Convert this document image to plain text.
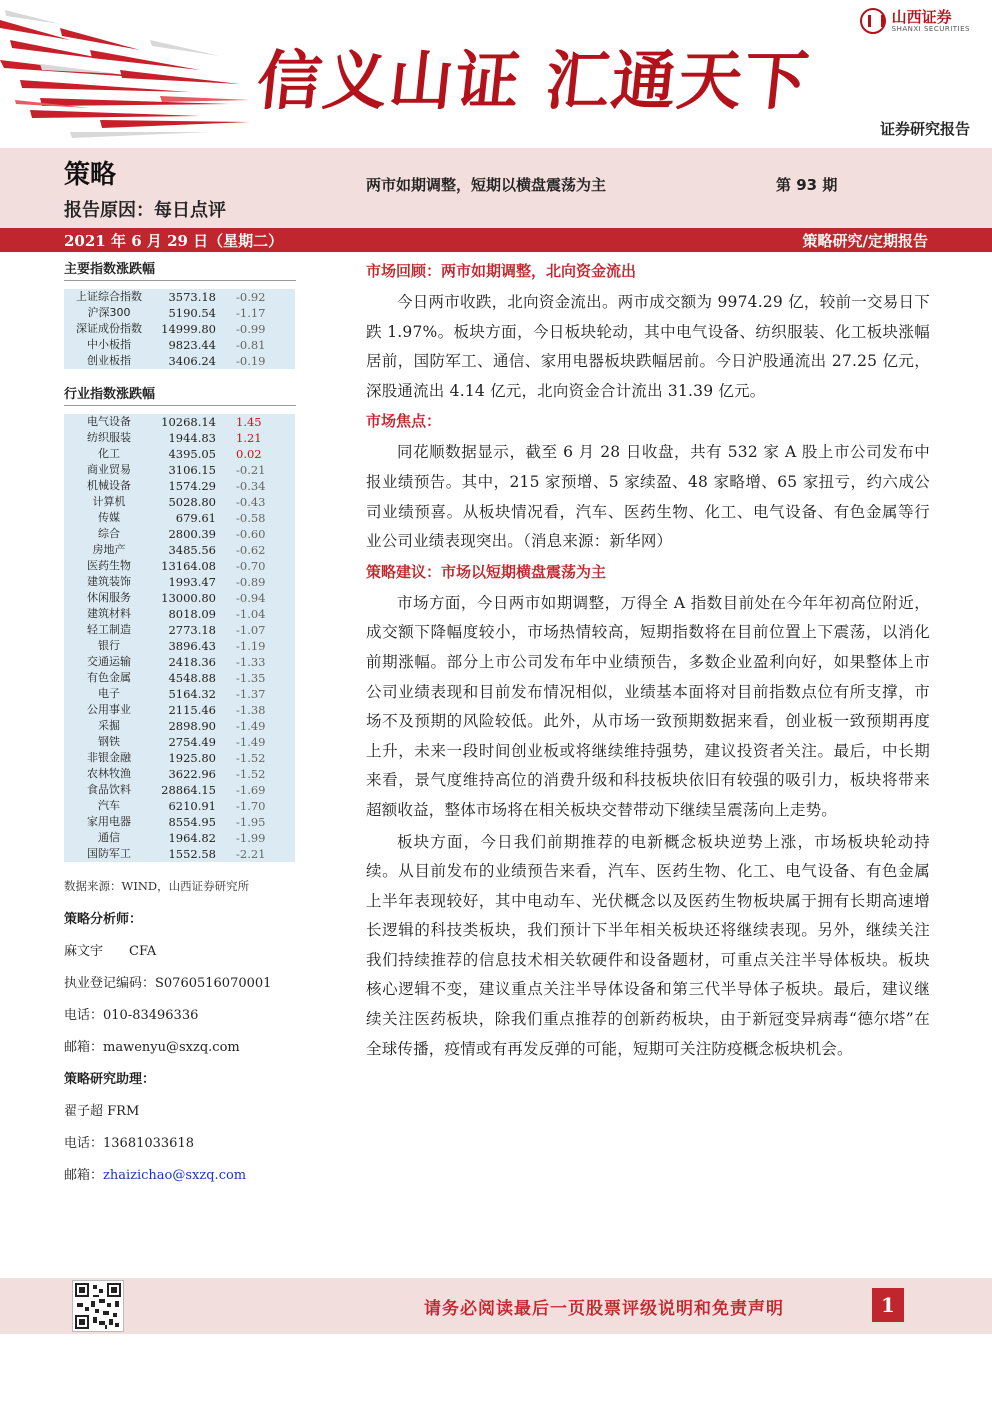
信义山证 汇通天下
山西证券
SHANXI SECURITIES
证券研究报告
策略	两市如期调整，短期以横盘震荡为主	第 93 期
报告原因：每日点评
2021 年 6 月 29 日（星期二）	策略研究/定期报告
主要指数涨跌幅
上证综合指数	3573.18	-0.92
沪深300	5190.54	-1.17
深证成份指数	14999.80	-0.99
中小板指	9823.44	-0.81
创业板指	3406.24	-0.19
行业指数涨跌幅
电气设备	10268.14	1.45
纺织服装	1944.83	1.21
化工	4395.05	0.02
商业贸易	3106.15	-0.21
机械设备	1574.29	-0.34
计算机	5028.80	-0.43
传媒	679.61	-0.58
综合	2800.39	-0.60
房地产	3485.56	-0.62
医药生物	13164.08	-0.70
建筑装饰	1993.47	-0.89
休闲服务	13000.80	-0.94
建筑材料	8018.09	-1.04
轻工制造	2773.18	-1.07
银行	3896.43	-1.19
交通运输	2418.36	-1.33
有色金属	4548.88	-1.35
电子	5164.32	-1.37
公用事业	2115.46	-1.38
采掘	2898.90	-1.49
钢铁	2754.49	-1.49
非银金融	1925.80	-1.52
农林牧渔	3622.96	-1.52
食品饮料	28864.15	-1.69
汽车	6210.91	-1.70
家用电器	8554.95	-1.95
通信	1964.82	-1.99
国防军工	1552.58	-2.21
数据来源：WIND，山西证券研究所
策略分析师：
麻文宇　　CFA
执业登记编码：S0760516070001
电话：010-83496336
邮箱：mawenyu@sxzq.com
策略研究助理：
翟子超 FRM
电话：13681033618
邮箱：zhaizichao@sxzq.com
市场回顾：两市如期调整，北向资金流出

今日两市收跌，北向资金流出。两市成交额为 9974.29 亿，较前一交易日下跌 1.97%。板块方面，今日板块轮动，其中电气设备、纺织服装、化工板块涨幅居前，国防军工、通信、家用电器板块跌幅居前。今日沪股通流出 27.25 亿元，深股通流出 4.14 亿元，北向资金合计流出 31.39 亿元。

市场焦点：

同花顺数据显示，截至 6 月 28 日收盘，共有 532 家 A 股上市公司发布中报业绩预告。其中，215 家预增、5 家续盈、48 家略增、65 家扭亏，约六成公司业绩预喜。从板块情况看，汽车、医药生物、化工、电气设备、有色金属等行业公司业绩表现突出。（消息来源：新华网）

策略建议：市场以短期横盘震荡为主

市场方面，今日两市如期调整，万得全 A 指数目前处在今年年初高位附近，成交额下降幅度较小，市场热情较高，短期指数将在目前位置上下震荡，以消化前期涨幅。部分上市公司发布年中业绩预告，多数企业盈利向好，如果整体上市公司业绩表现和目前发布情况相似，业绩基本面将对目前指数点位有所支撑，市场不及预期的风险较低。此外，从市场一致预期数据来看，创业板一致预期再度上升，未来一段时间创业板或将继续维持强势，建议投资者关注。最后，中长期来看，景气度维持高位的消费升级和科技板块依旧有较强的吸引力，板块将带来超额收益，整体市场将在相关板块交替带动下继续呈震荡向上走势。

板块方面，今日我们前期推荐的电新概念板块逆势上涨，市场板块轮动持续。从目前发布的业绩预告来看，汽车、医药生物、化工、电气设备、有色金属上半年表现较好，其中电动车、光伏概念以及医药生物板块属于拥有长期高速增长逻辑的科技类板块，我们预计下半年相关板块还将继续表现。另外，继续关注我们持续推荐的信息技术相关软硬件和设备题材，可重点关注半导体板块。板块核心逻辑不变，建议重点关注半导体设备和第三代半导体子板块。最后，建议继续关注医药板块，除我们重点推荐的创新药板块，由于新冠变异病毒“德尔塔”在全球传播，疫情或有再发反弹的可能，短期可关注防疫概念板块机会。

请务必阅读最后一页股票评级说明和免责声明	1
